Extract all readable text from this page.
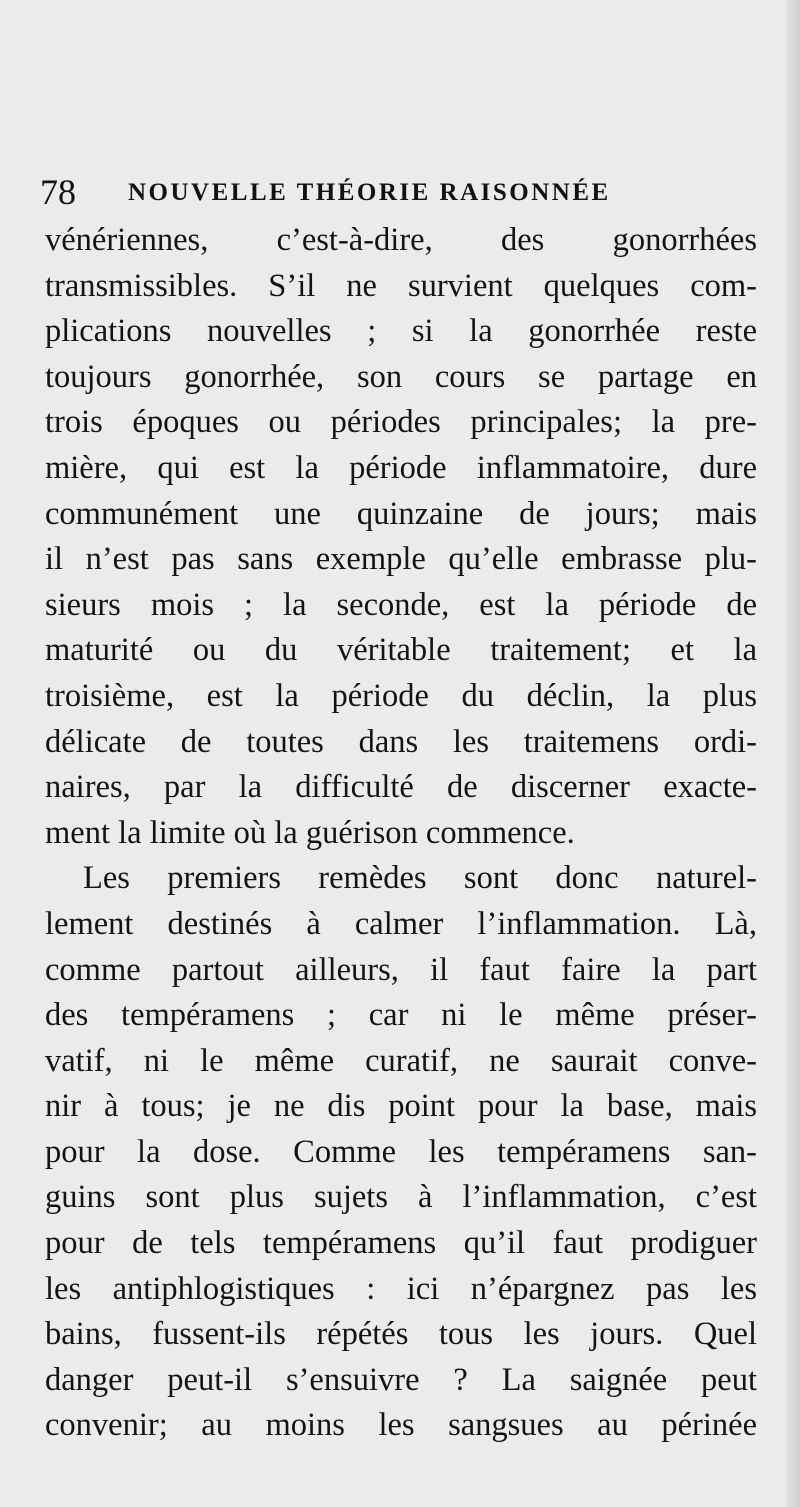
78 NOUVELLE THÉORIE RAISONNÉE
vénériennes, c’est-à-dire, des gonorrhées
transmissibles. S’il ne survient quelques com-
plications nouvelles ; si la gonorrhée reste
toujours gonorrhée, son cours se partage en
trois époques ou périodes principales; la pre-
mière, qui est la période inflammatoire, dure
communément une quinzaine de jours; mais
il n’est pas sans exemple qu’elle embrasse plu-
sieurs mois ; la seconde, est la période de
maturité ou du véritable traitement; et la
troisième, est la période du déclin, la plus
délicate de toutes dans les traitemens ordi-
naires, par la difficulté de discerner exacte-
ment la limite où la guérison commence.
Les premiers remèdes sont donc naturel-
lement destinés à calmer l’inflammation. Là,
comme partout ailleurs, il faut faire la part
des tempéramens ; car ni le même préser-
vatif, ni le même curatif, ne saurait conve-
nir à tous; je ne dis point pour la base, mais
pour la dose. Comme les tempéramens san-
guins sont plus sujets à l’inflammation, c’est
pour de tels tempéramens qu’il faut prodiguer
les antiphlogistiques : ici n’épargnez pas les
bains, fussent-ils répétés tous les jours. Quel
danger peut-il s’ensuivre ? La saignée peut
convenir; au moins les sangsues au périnée
